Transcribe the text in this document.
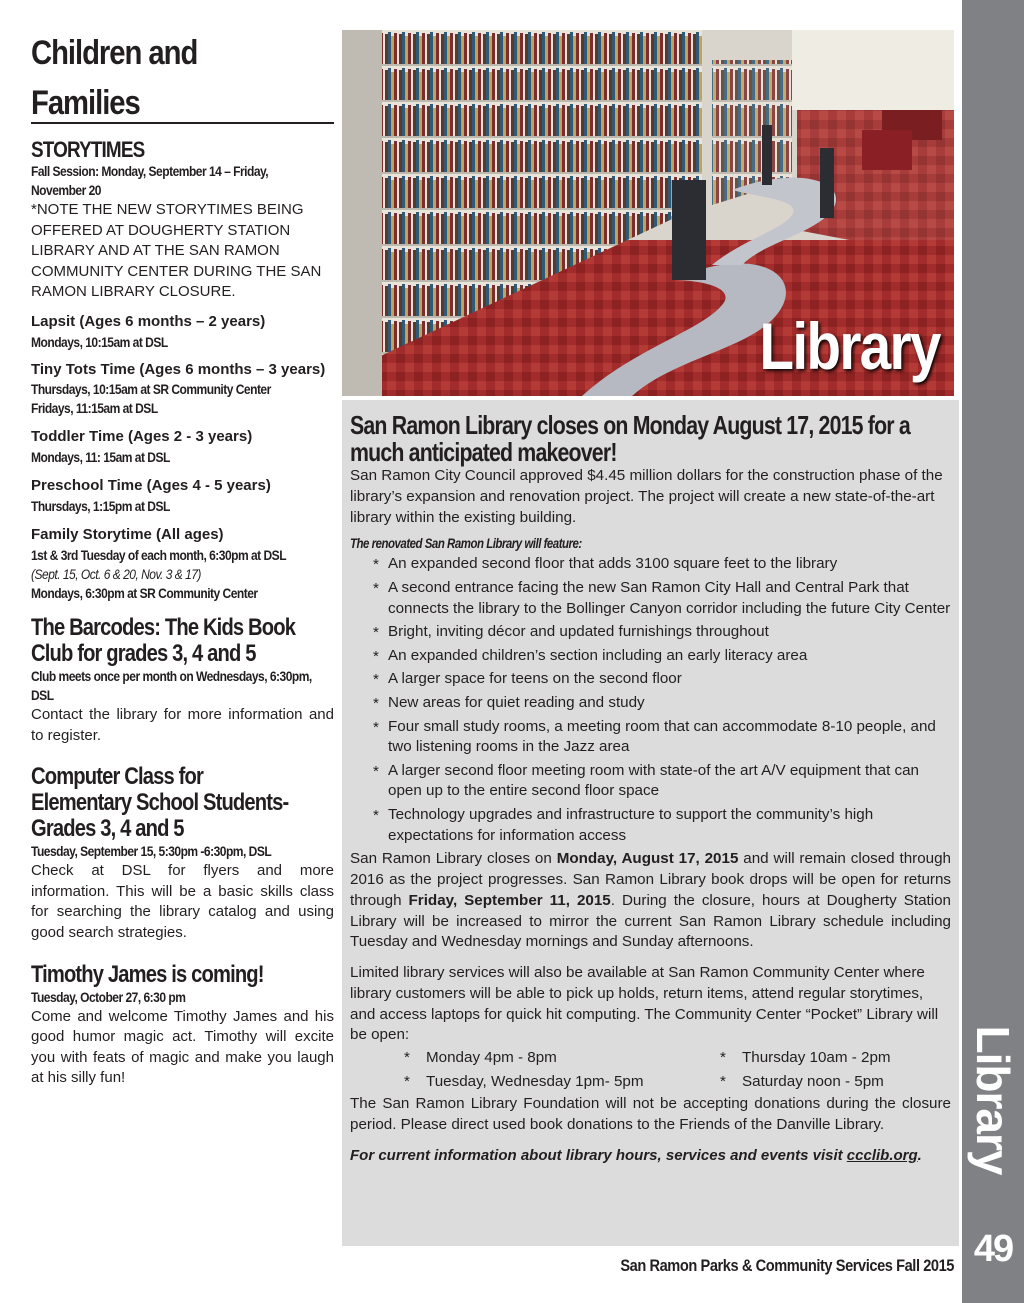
Children and
Families
STORYTIMES
Fall Session: Monday, September 14 – Friday,
November 20
*NOTE THE NEW STORYTIMES BEING OFFERED AT DOUGHERTY STATION LIBRARY AND AT THE SAN RAMON COMMUNITY CENTER DURING THE SAN RAMON LIBRARY CLOSURE.
Lapsit (Ages 6 months – 2 years)
Mondays, 10:15am at DSL
Tiny Tots Time (Ages 6 months – 3 years)
Thursdays, 10:15am at SR Community Center
Fridays, 11:15am at DSL
Toddler Time (Ages 2 - 3 years)
Mondays, 11: 15am at DSL
Preschool Time (Ages 4 - 5 years)
Thursdays, 1:15pm at DSL
Family Storytime (All ages)
1st & 3rd Tuesday of each month, 6:30pm at DSL
(Sept. 15, Oct. 6 & 20, Nov. 3 & 17)
Mondays, 6:30pm at SR Community Center
The Barcodes: The Kids Book
Club for grades 3, 4 and 5
Club meets once per month on Wednesdays, 6:30pm,
DSL
Contact the library for more information and to register.
Computer Class for
Elementary School Students-
Grades 3, 4 and 5
Tuesday, September 15, 5:30pm -6:30pm, DSL
Check at DSL for flyers and more information. This will be a basic skills class for searching the library catalog and using good search strategies.
Timothy James is coming!
Tuesday, October 27, 6:30 pm
Come and welcome Timothy James and his good humor magic act. Timothy will excite you with feats of magic and make you laugh at his silly fun!
Library
San Ramon Library closes on Monday August 17, 2015 for a
much anticipated makeover!
San Ramon City Council approved $4.45 million dollars for the construction phase of the library’s expansion and renovation project. The project will create a new state-of-the-art library within the existing building.
The renovated San Ramon Library will feature:
* An expanded second floor that adds 3100 square feet to the library
* A second entrance facing the new San Ramon City Hall and Central Park that connects the library to the Bollinger Canyon corridor including the future City Center
* Bright, inviting décor and updated furnishings throughout
* An expanded children’s section including an early literacy area
* A larger space for teens on the second floor
* New areas for quiet reading and study
* Four small study rooms, a meeting room that can accommodate 8-10 people, and two listening rooms in the Jazz area
* A larger second floor meeting room with state-of the art A/V equipment that can open up to the entire second floor space
* Technology upgrades and infrastructure to support the community’s high expectations for information access
San Ramon Library closes on Monday, August 17, 2015 and will remain closed through 2016 as the project progresses. San Ramon Library book drops will be open for returns through Friday, September 11, 2015. During the closure, hours at Dougherty Station Library will be increased to mirror the current San Ramon Library schedule including Tuesday and Wednesday mornings and Sunday afternoons.
Limited library services will also be available at San Ramon Community Center where library customers will be able to pick up holds, return items, attend regular storytimes, and access laptops for quick hit computing. The Community Center “Pocket” Library will be open:
* Monday 4pm - 8pm	* Thursday 10am - 2pm
* Tuesday, Wednesday 1pm- 5pm	* Saturday noon - 5pm
The San Ramon Library Foundation will not be accepting donations during the closure period. Please direct used book donations to the Friends of the Danville Library.
For current information about library hours, services and events visit ccclib.org. Library
49
San Ramon Parks & Community Services Fall 2015
